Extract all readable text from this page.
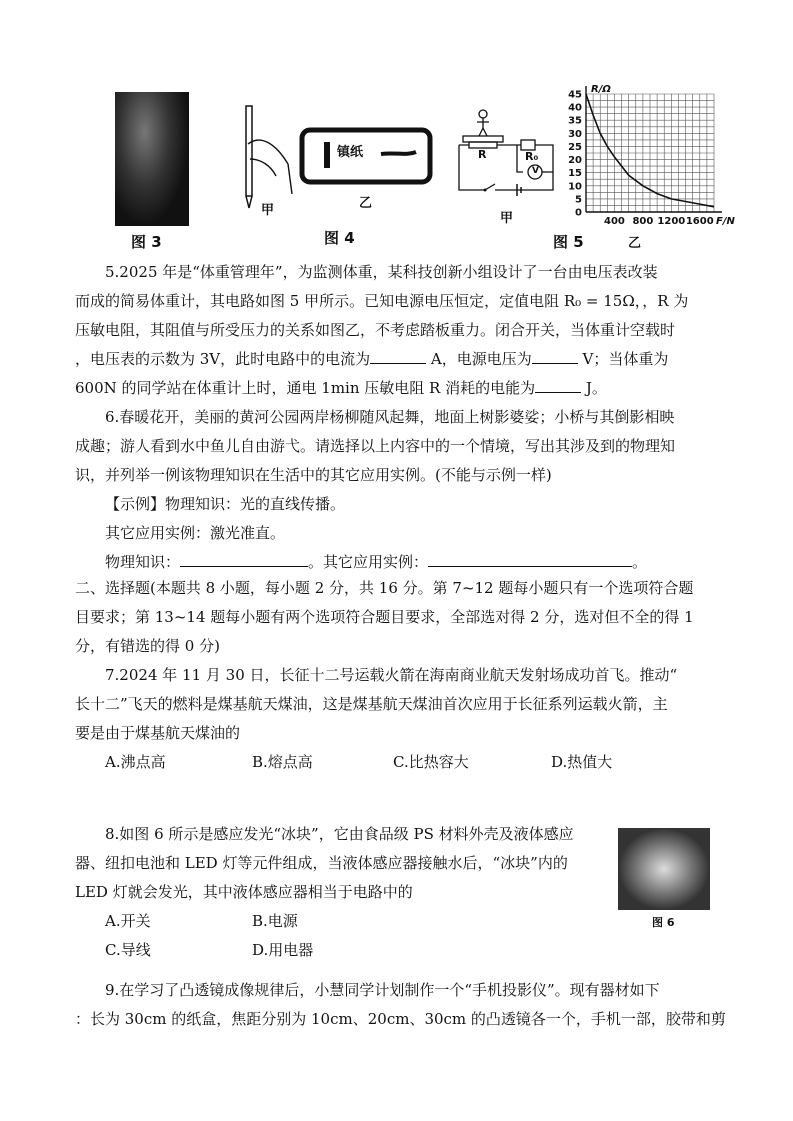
图 3
镇纸
甲	乙
图 4
R	R₀
V
甲
图 5	乙
0
5
10
15
20
25
30
35
40
45
400 800 1200 1600
R/Ω
F/N
图 6
5.2025 年是“体重管理年”，为监测体重，某科技创新小组设计了一台由电压表改装
而成的简易体重计，其电路如图 5 甲所示。已知电源电压恒定，定值电阻 R₀ = 15Ω，，R 为
压敏电阻，其阻值与所受压力的关系如图乙，不考虑踏板重力。闭合开关，当体重计空载时
，电压表的示数为 3V，此时电路中的电流为	A，电源电压为	V；当体重为
600N 的同学站在体重计上时，通电 1min 压敏电阻 R 消耗的电能为	J。
6.春暖花开，美丽的黄河公园两岸杨柳随风起舞，地面上树影婆娑；小桥与其倒影相映
成趣；游人看到水中鱼儿自由游弋。请选择以上内容中的一个情境，写出其涉及到的物理知
识，并列举一例该物理知识在生活中的其它应用实例。(不能与示例一样)
【示例】物理知识：光的直线传播。
其它应用实例：激光准直。
物理知识：	。其它应用实例：	。
二、选择题(本题共 8 小题，每小题 2 分，共 16 分。第 7~12 题每小题只有一个选项符合题
目要求；第 13~14 题每小题有两个选项符合题目要求，全部选对得 2 分，选对但不全的得 1
分，有错选的得 0 分)
7.2024 年 11 月 30 日，长征十二号运载火箭在海南商业航天发射场成功首飞。推动“
长十二”飞天的燃料是煤基航天煤油，这是煤基航天煤油首次应用于长征系列运载火箭，主
要是由于煤基航天煤油的
A.沸点高	B.熔点高	C.比热容大	D.热值大
8.如图 6 所示是感应发光“冰块”，它由食品级 PS 材料外壳及液体感应
器、纽扣电池和 LED 灯等元件组成，当液体感应器接触水后，“冰块”内的
LED 灯就会发光，其中液体感应器相当于电路中的
A.开关	B.电源
C.导线	D.用电器
9.在学习了凸透镜成像规律后，小慧同学计划制作一个“手机投影仪”。现有器材如下
：长为 30cm 的纸盒，焦距分别为 10cm、20cm、30cm 的凸透镜各一个，手机一部，胶带和剪
